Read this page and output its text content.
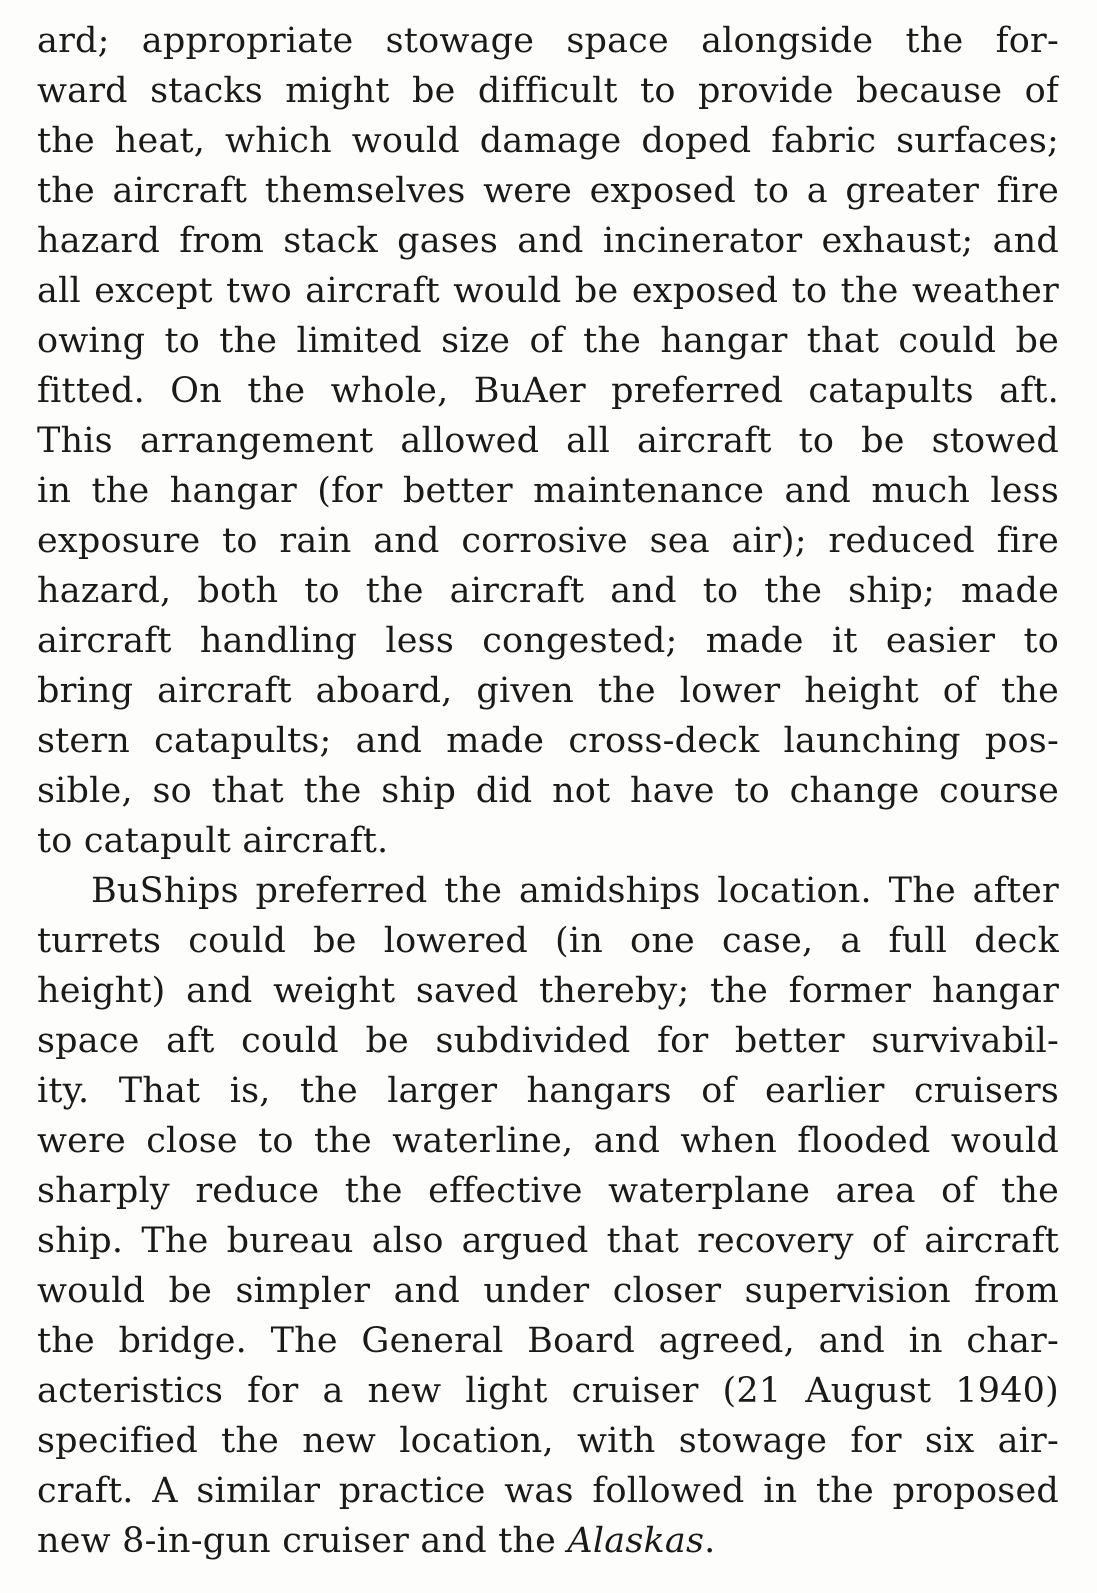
ard; appropriate stowage space alongside the for-
ward stacks might be difficult to provide because of
the heat, which would damage doped fabric surfaces;
the aircraft themselves were exposed to a greater fire
hazard from stack gases and incinerator exhaust; and
all except two aircraft would be exposed to the weather
owing to the limited size of the hangar that could be
fitted. On the whole, BuAer preferred catapults aft.
This arrangement allowed all aircraft to be stowed
in the hangar (for better maintenance and much less
exposure to rain and corrosive sea air); reduced fire
hazard, both to the aircraft and to the ship; made
aircraft handling less congested; made it easier to
bring aircraft aboard, given the lower height of the
stern catapults; and made cross-deck launching pos-
sible, so that the ship did not have to change course
to catapult aircraft.
BuShips preferred the amidships location. The after
turrets could be lowered (in one case, a full deck
height) and weight saved thereby; the former hangar
space aft could be subdivided for better survivabil-
ity. That is, the larger hangars of earlier cruisers
were close to the waterline, and when flooded would
sharply reduce the effective waterplane area of the
ship. The bureau also argued that recovery of aircraft
would be simpler and under closer supervision from
the bridge. The General Board agreed, and in char-
acteristics for a new light cruiser (21 August 1940)
specified the new location, with stowage for six air-
craft. A similar practice was followed in the proposed
new 8-in-gun cruiser and the Alaskas.
